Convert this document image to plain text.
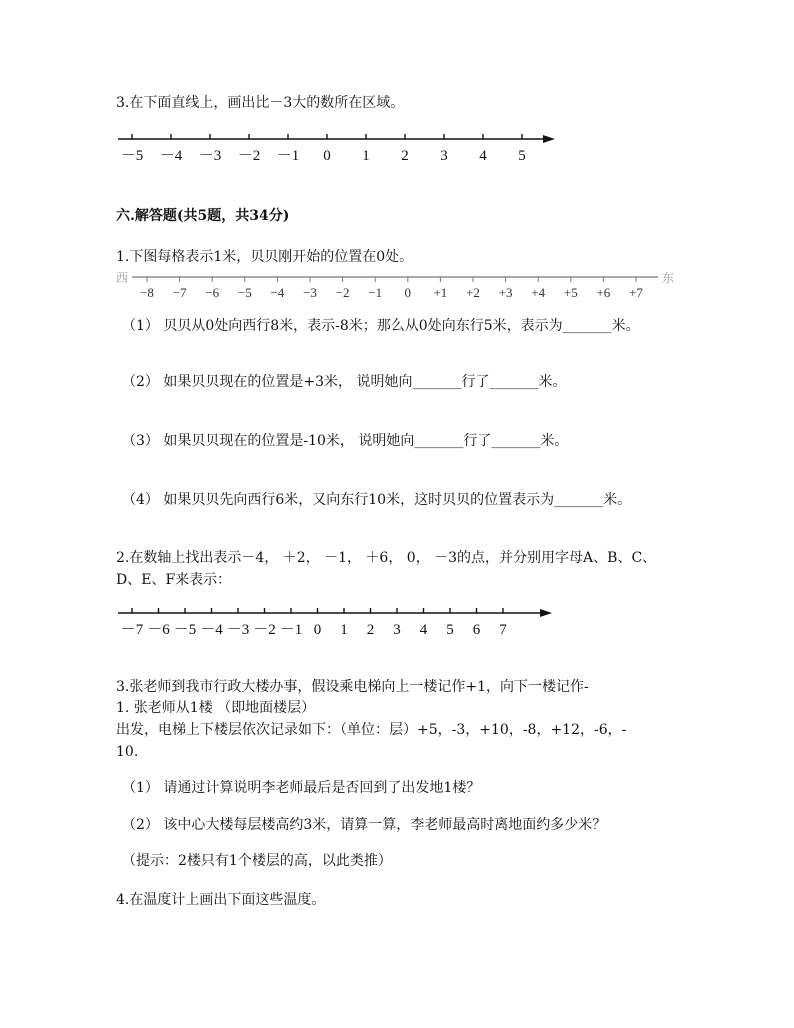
3.在下面直线上，画出比－3大的数所在区域。
－5 －4 －3 －2 －1 0 1 2 3 4 5
六.解答题(共5题，共34分)
1.下图每格表示1米，贝贝刚开始的位置在0处。
西	东
−8 −7 −6 −5 −4 −3 −2 −1 0 +1 +2 +3 +4 +5 +6 +7
（1） 贝贝从0处向西行8米，表示-8米；那么从0处向东行5米，表示为_______米。
（2） 如果贝贝现在的位置是+3米， 说明她向_______行了_______米。
（3） 如果贝贝现在的位置是-10米， 说明她向_______行了_______米。
（4） 如果贝贝先向西行6米，又向东行10米，这时贝贝的位置表示为_______米。
2.在数轴上找出表示－4， ＋2， －1， ＋6， 0， －3的点，并分别用字母A、B、C、
D、E、F来表示：
－7 －6 －5 －4 －3 －2 －1 0 1 2 3 4 5 6 7
3.张老师到我市行政大楼办事，假设乘电梯向上一楼记作+1，向下一楼记作-
1. 张老师从1楼 （即地面楼层）
出发，电梯上下楼层依次记录如下：（单位：层）+5，-3，+10，-8，+12，-6，-
10.
（1） 请通过计算说明李老师最后是否回到了出发地1楼？
（2） 该中心大楼每层楼高约3米，请算一算，李老师最高时离地面约多少米？
（提示：2楼只有1个楼层的高，以此类推）
4.在温度计上画出下面这些温度。
